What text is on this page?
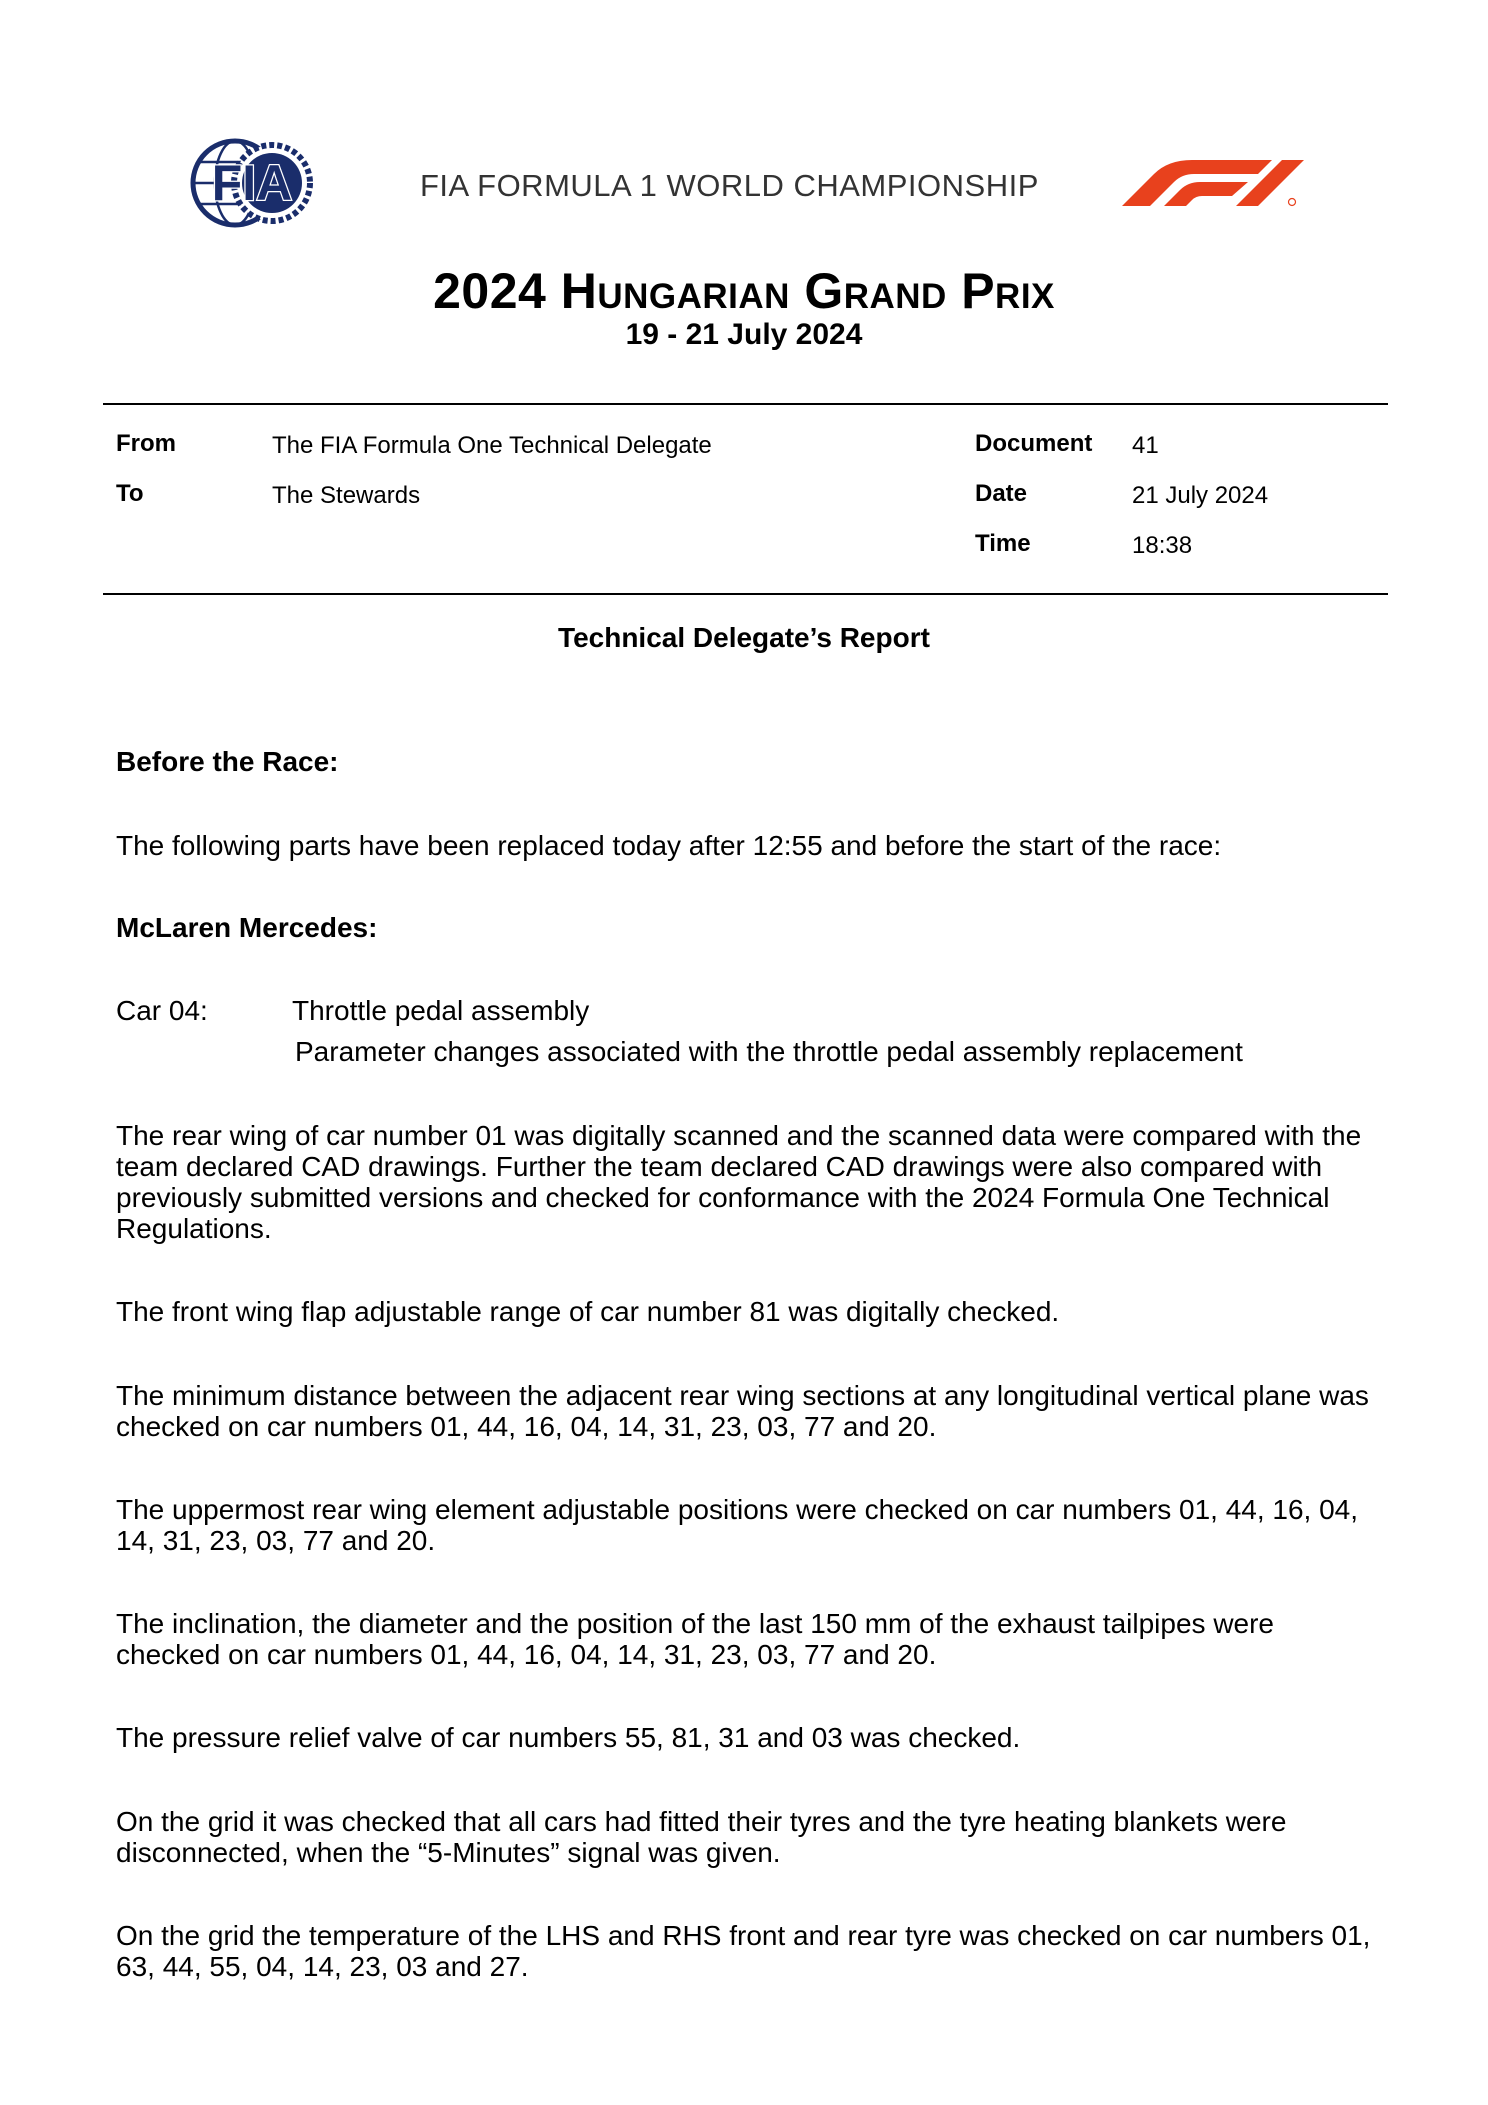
FIA	FIA FORMULA 1 WORLD CHAMPIONSHIP
2024 Hungarian Grand Prix
19 - 21 July 2024
From	The FIA Formula One Technical Delegate
To	The Stewards
Document 41
Date	21 July 2024
Time	18:38
Technical Delegate’s Report
Before the Race:
The following parts have been replaced today after 12:55 and before the start of the race:
McLaren Mercedes:
Car 04:	Throttle pedal assembly
Parameter changes associated with the throttle pedal assembly replacement
The rear wing of car number 01 was digitally scanned and the scanned data were compared with the team declared CAD drawings. Further the team declared CAD drawings were also compared with previously submitted versions and checked for conformance with the 2024 Formula One Technical Regulations.
The front wing flap adjustable range of car number 81 was digitally checked.
The minimum distance between the adjacent rear wing sections at any longitudinal vertical plane was checked on car numbers 01, 44, 16, 04, 14, 31, 23, 03, 77 and 20.
The uppermost rear wing element adjustable positions were checked on car numbers 01, 44, 16, 04, 14, 31, 23, 03, 77 and 20.
The inclination, the diameter and the position of the last 150 mm of the exhaust tailpipes were checked on car numbers 01, 44, 16, 04, 14, 31, 23, 03, 77 and 20.
The pressure relief valve of car numbers 55, 81, 31 and 03 was checked.
On the grid it was checked that all cars had fitted their tyres and the tyre heating blankets were disconnected, when the “5-Minutes” signal was given.
On the grid the temperature of the LHS and RHS front and rear tyre was checked on car numbers 01, 63, 44, 55, 04, 14, 23, 03 and 27.
